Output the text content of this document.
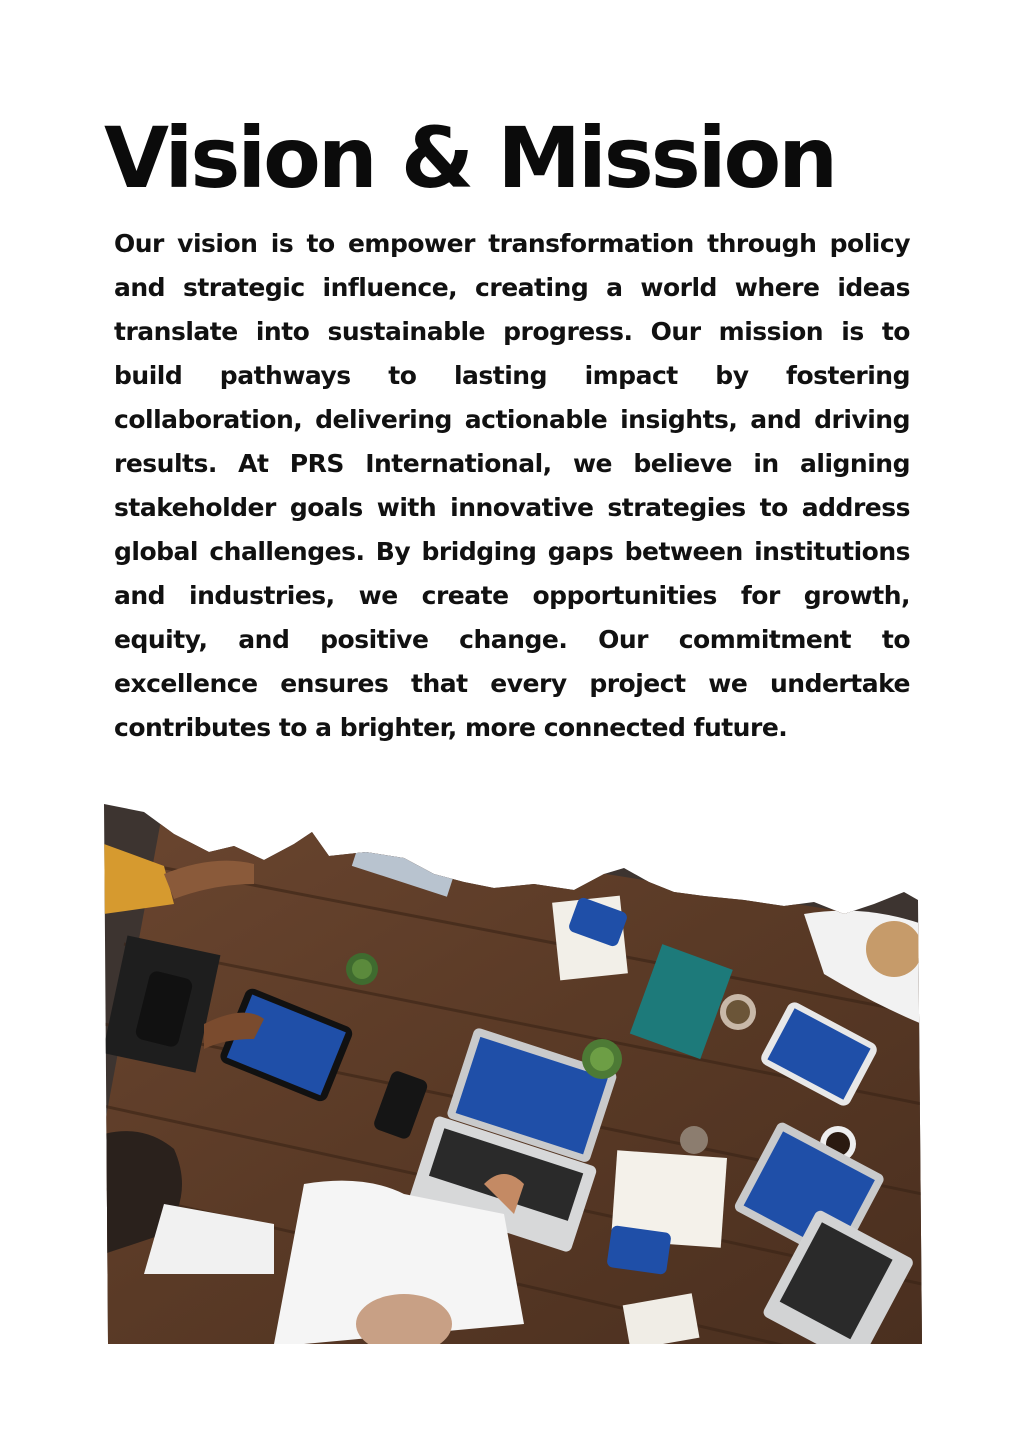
Vision & Mission

Our vision is to empower transformation through policy and strategic influence, creating a world where ideas translate into sustainable progress. Our mission is to build pathways to lasting impact by fostering collaboration, delivering actionable insights, and driving results. At PRS International, we believe in aligning stakeholder goals with innovative strategies to address global challenges. By bridging gaps between institutions and industries, we create opportunities for growth, equity, and positive change. Our commitment to excellence ensures that every project we undertake contributes to a brighter, more connected future.
